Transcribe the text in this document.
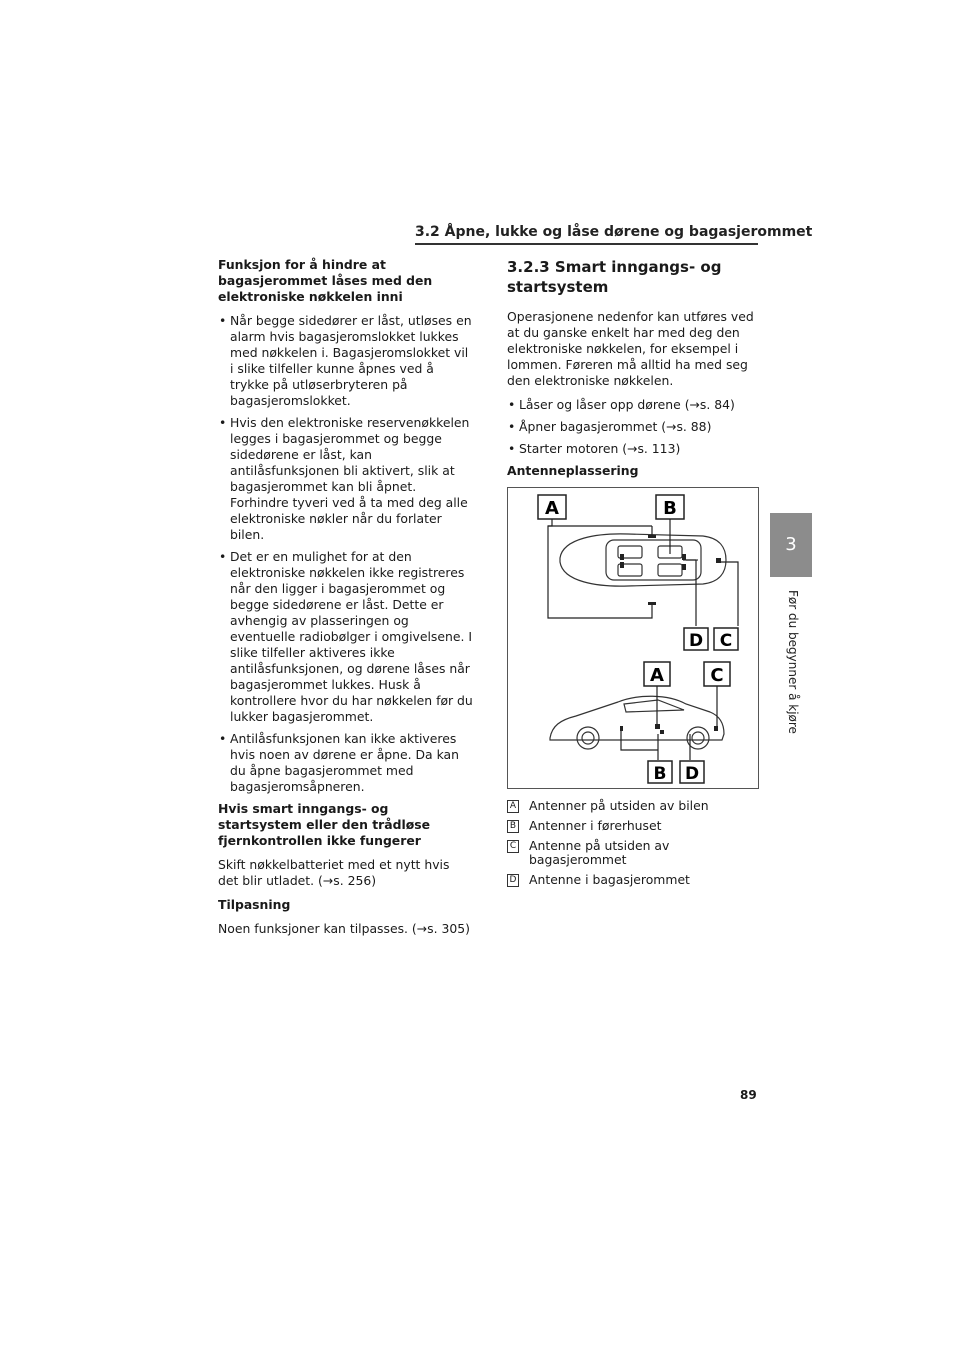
3.2 Åpne, lukke og låse dørene og bagasjerommet
3
Før du begynner å kjøre
Funksjon for å hindre at bagasjerommet låses med den elektroniske nøkkelen inni
• Når begge sidedører er låst, utløses en alarm hvis bagasjeromslokket lukkes med nøkkelen i. Bagasjeromslokket vil i slike tilfeller kunne åpnes ved å trykke på utløserbryteren på bagasjeromslokket.
• Hvis den elektroniske reservenøkkelen legges i bagasjerommet og begge sidedørene er låst, kan antilåsfunksjonen bli aktivert, slik at bagasjerommet kan bli åpnet. Forhindre tyveri ved å ta med deg alle elektroniske nøkler når du forlater bilen.
• Det er en mulighet for at den elektroniske nøkkelen ikke registreres når den ligger i bagasjerommet og begge sidedørene er låst. Dette er avhengig av plasseringen og eventuelle radiobølger i omgivelsene. I slike tilfeller aktiveres ikke antilåsfunksjonen, og dørene låses når bagasjerommet lukkes. Husk å kontrollere hvor du har nøkkelen før du lukker bagasjerommet.
• Antilåsfunksjonen kan ikke aktiveres hvis noen av dørene er åpne. Da kan du åpne bagasjerommet med bagasjeromsåpneren.
Hvis smart inngangs- og startsystem eller den trådløse fjernkontrollen ikke fungerer

Skift nøkkelbatteriet med et nytt hvis det blir utladet. (→s. 256)

Tilpasning

Noen funksjoner kan tilpasses. (→s. 305)

3.2.3 Smart inngangs- og startsystem

Operasjonene nedenfor kan utføres ved at du ganske enkelt har med deg den elektroniske nøkkelen, for eksempel i lommen. Føreren må alltid ha med seg den elektroniske nøkkelen.

• Låser og låser opp dørene (→s. 84)
• Åpner bagasjerommet (→s. 88)
• Starter motoren (→s. 113)
Antenneplassering
A	B
D C
A	C
B D
A Antenner på utsiden av bilen
B Antenner i førerhuset
C Antenne på utsiden av bagasjerommet
D Antenne i bagasjerommet
89
